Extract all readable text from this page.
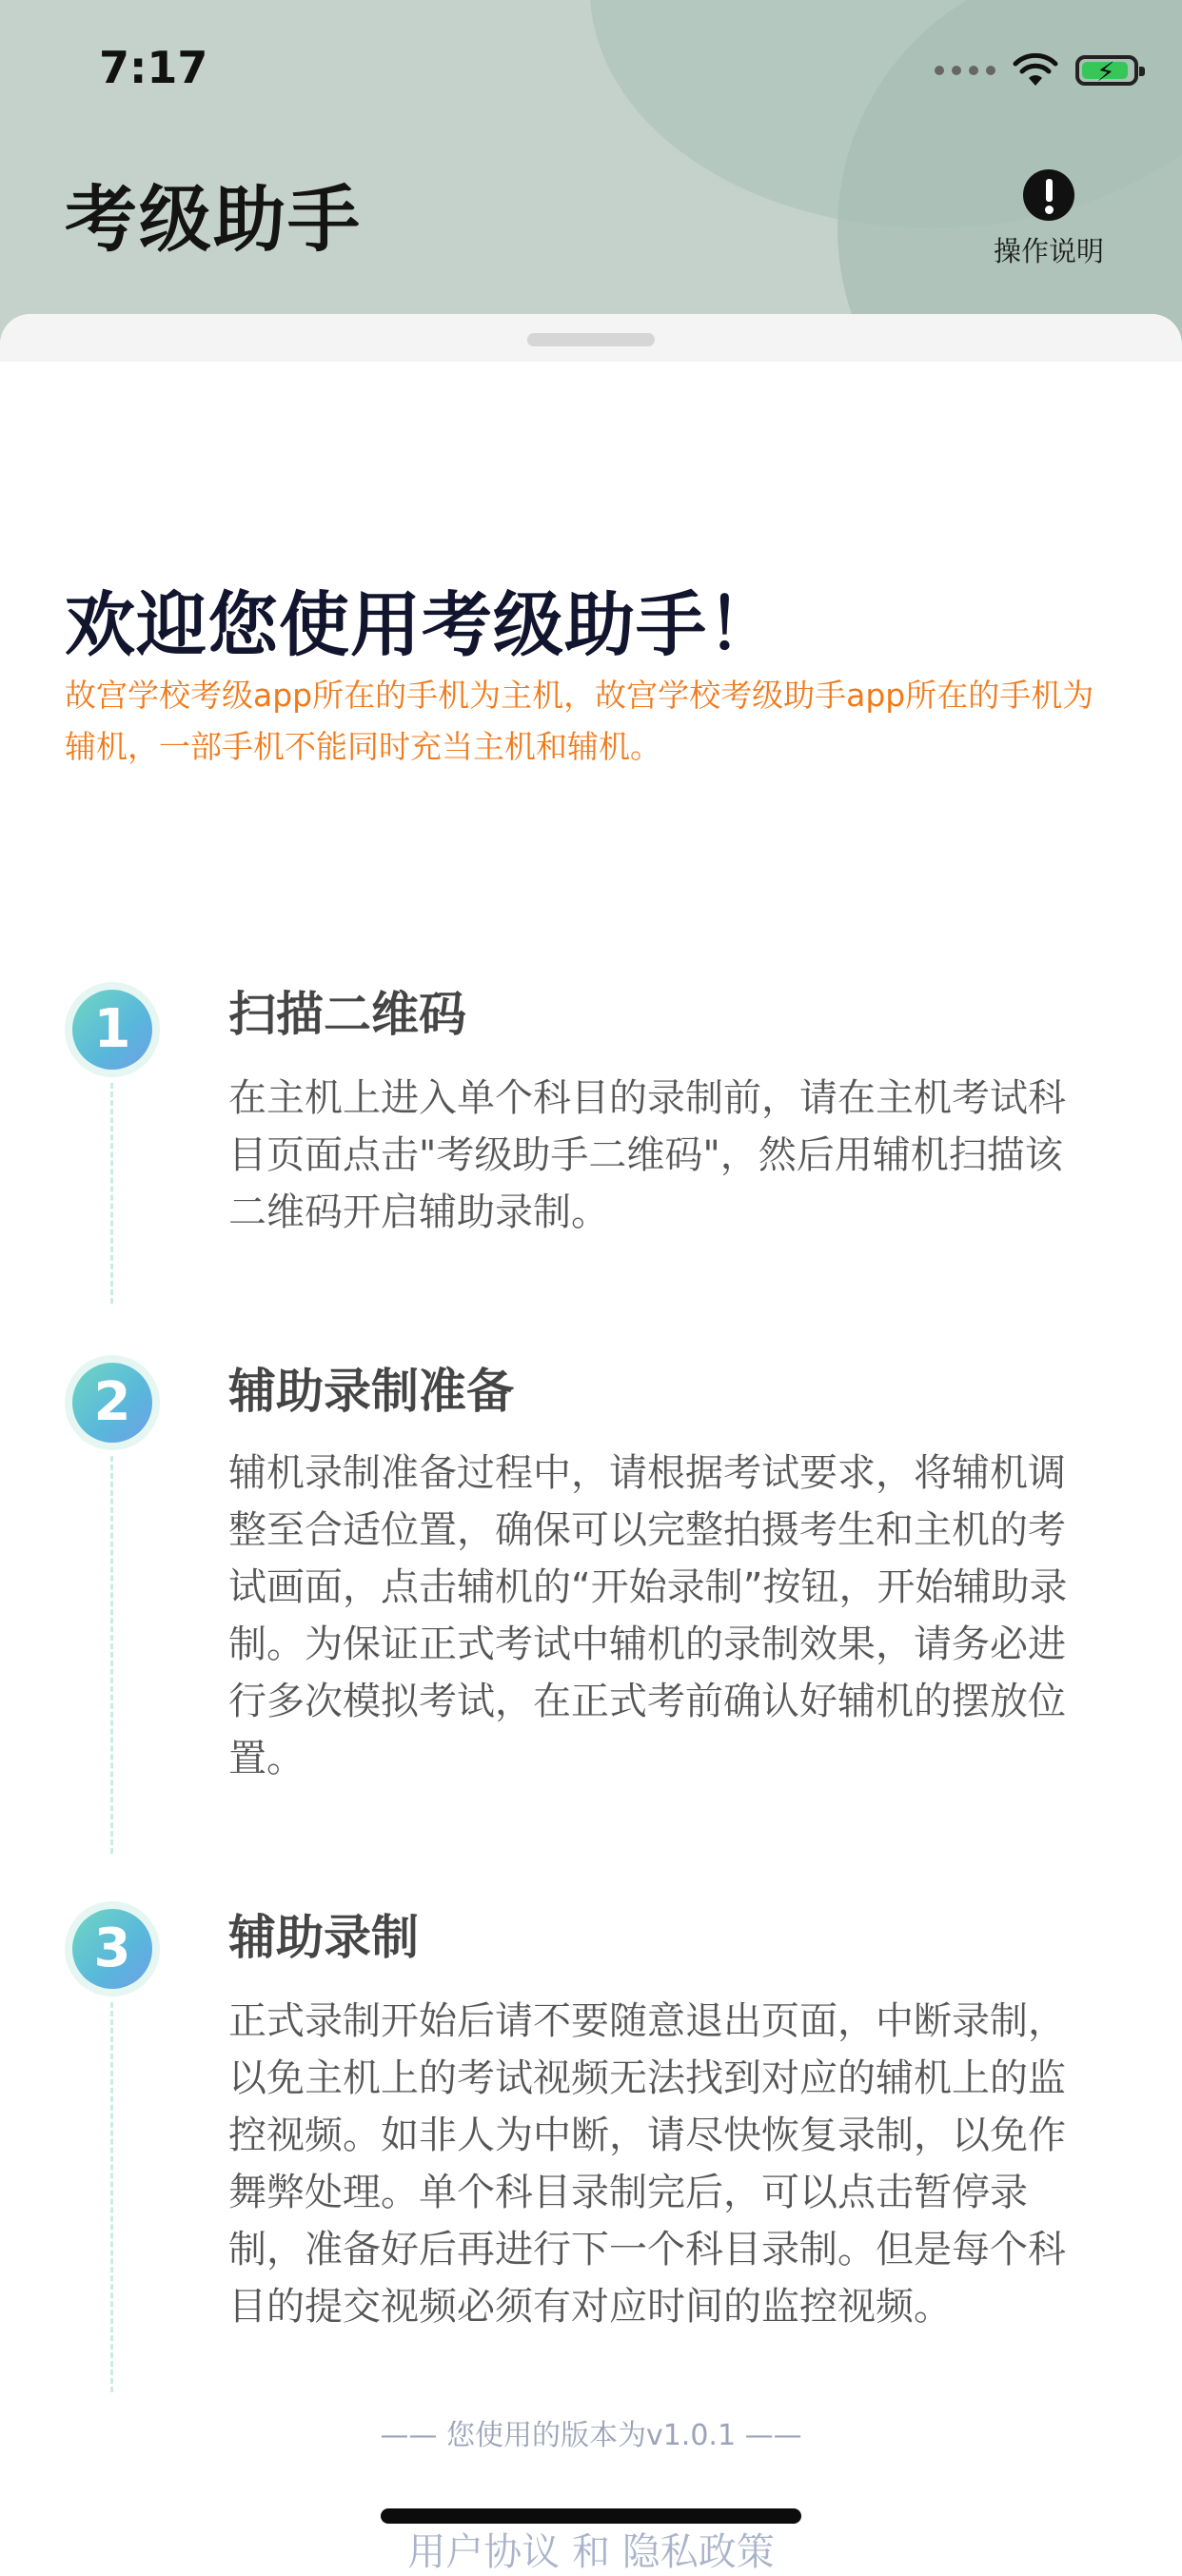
7:17	⚡
考级助手	操作说明
欢迎您使用考级助手！
故宫学校考级app所在的手机为主机，故宫学校考级助手app所在的手机为辅机，一部手机不能同时充当主机和辅机。
1	扫描二维码
在主机上进入单个科目的录制前，请在主机考试科目页面点击"考级助手二维码"，然后用辅机扫描该二维码开启辅助录制。
2	辅助录制准备
辅机录制准备过程中，请根据考试要求，将辅机调整至合适位置，确保可以完整拍摄考生和主机的考试画面，点击辅机的“开始录制”按钮，开始辅助录制。为保证正式考试中辅机的录制效果，请务必进行多次模拟考试，在正式考前确认好辅机的摆放位置。
3	辅助录制
正式录制开始后请不要随意退出页面，中断录制，以免主机上的考试视频无法找到对应的辅机上的监控视频。如非人为中断，请尽快恢复录制，以免作舞弊处理。单个科目录制完后，可以点击暂停录制，准备好后再进行下一个科目录制。但是每个科目的提交视频必须有对应时间的监控视频。
—— 您使用的版本为v1.0.1 ——
用户协议 和 隐私政策
